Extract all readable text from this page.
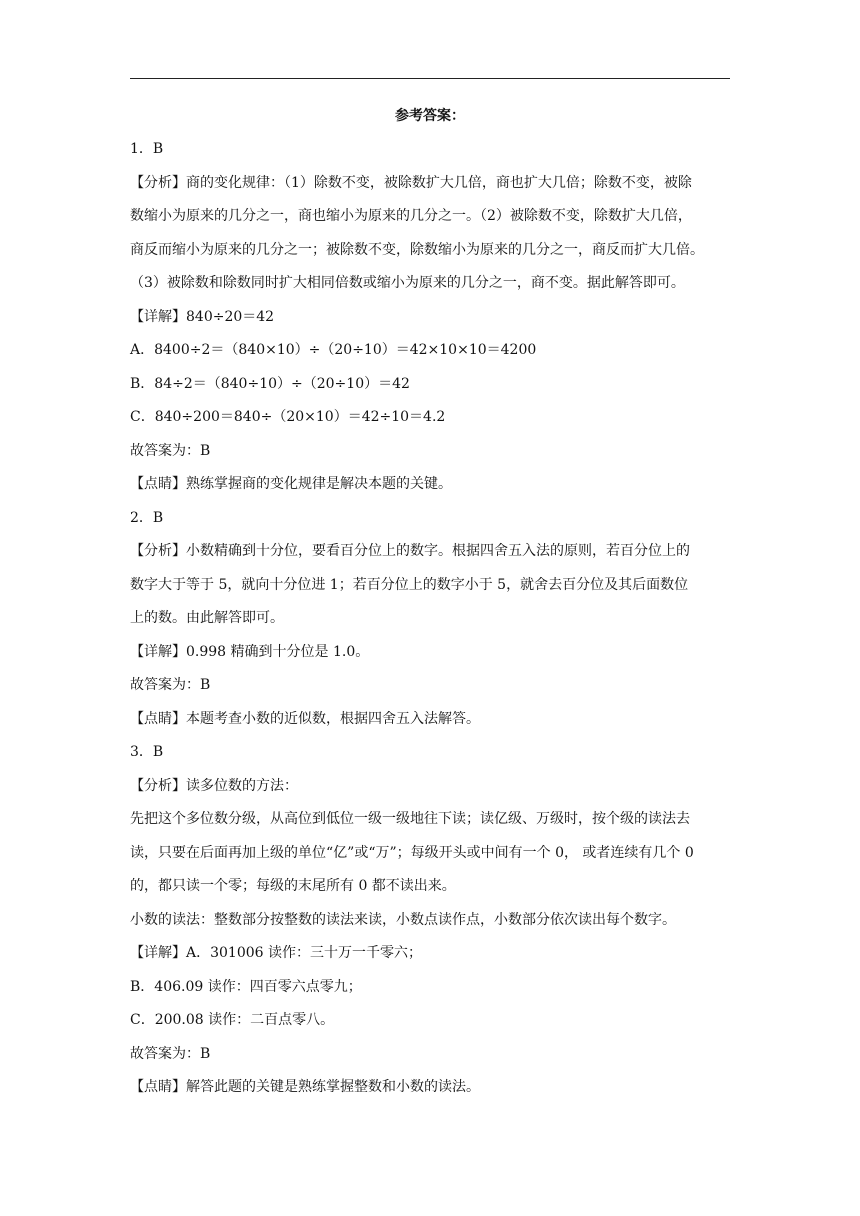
参考答案：
1．B
【分析】商的变化规律：（1）除数不变，被除数扩大几倍，商也扩大几倍；除数不变，被除
数缩小为原来的几分之一，商也缩小为原来的几分之一。（2）被除数不变，除数扩大几倍，
商反而缩小为原来的几分之一；被除数不变，除数缩小为原来的几分之一，商反而扩大几倍。
（3）被除数和除数同时扩大相同倍数或缩小为原来的几分之一，商不变。据此解答即可。
【详解】840÷20＝42
A．8400÷2＝（840×10）÷（20÷10）＝42×10×10＝4200
B．84÷2＝（840÷10）÷（20÷10）＝42
C．840÷200＝840÷（20×10）＝42÷10＝4.2
故答案为：B
【点睛】熟练掌握商的变化规律是解决本题的关键。
2．B
【分析】小数精确到十分位，要看百分位上的数字。根据四舍五入法的原则，若百分位上的
数字大于等于 5，就向十分位进 1；若百分位上的数字小于 5，就舍去百分位及其后面数位
上的数。由此解答即可。
【详解】0.998 精确到十分位是 1.0。
故答案为：B
【点睛】本题考查小数的近似数，根据四舍五入法解答。
3．B
【分析】读多位数的方法：
先把这个多位数分级，从高位到低位一级一级地往下读；读亿级、万级时，按个级的读法去
读，只要在后面再加上级的单位“亿”或“万”；每级开头或中间有一个 0， 或者连续有几个 0
的，都只读一个零；每级的末尾所有 0 都不读出来。
小数的读法：整数部分按整数的读法来读，小数点读作点，小数部分依次读出每个数字。
【详解】A．301006 读作：三十万一千零六；
B．406.09 读作：四百零六点零九；
C．200.08 读作：二百点零八。
故答案为：B
【点睛】解答此题的关键是熟练掌握整数和小数的读法。
